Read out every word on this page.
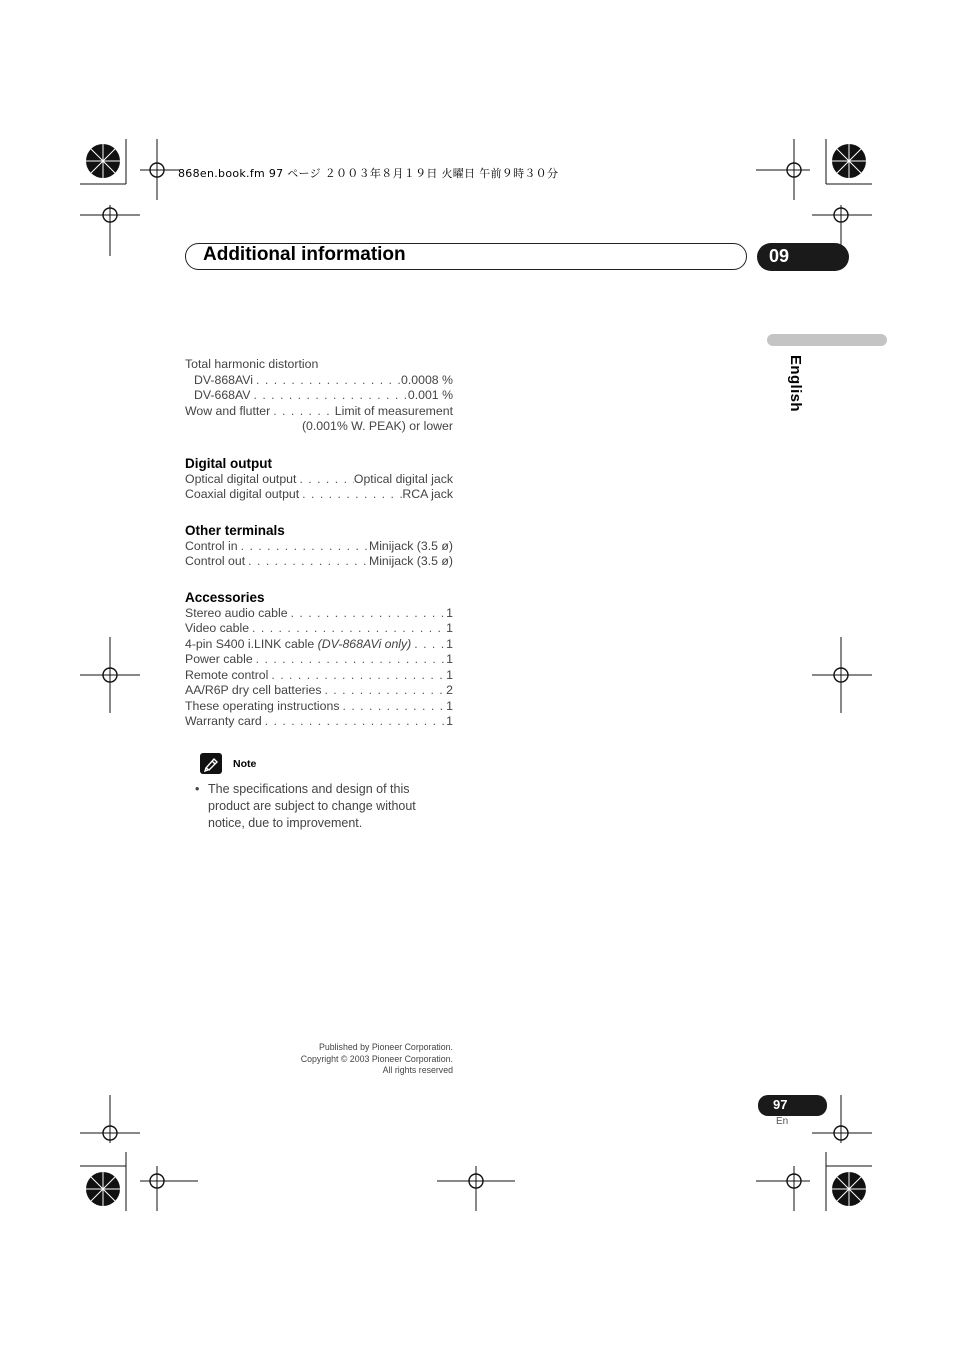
868en.book.fm 97 ページ ２００３年８月１９日 火曜日 午前９時３０分
Additional information	09
English
Total harmonic distortion
DV-868AVi . . .	0.0008 %
DV-668AV . . .	0.001 %
Wow and flutter . . .	Limit of measurement
(0.001% W. PEAK) or lower
Digital output
Optical digital output . . .	Optical digital jack
Coaxial digital output . . .	RCA jack
Other terminals
Control in . . .	Minijack (3.5 ø)
Control out . . .	Minijack (3.5 ø)
Accessories
Stereo audio cable . . .	1
Video cable . . .	1
4-pin S400 i.LINK cable (DV-868AVi only) . . .	1
Power cable . . .	1
Remote control . . .	1
AA/R6P dry cell batteries . . .	2
These operating instructions . . .	1
Warranty card . . .	1
Note
• The specifications and design of this product are subject to change without notice, due to improvement.
Published by Pioneer Corporation.
Copyright © 2003 Pioneer Corporation.
All rights reserved
97
En
